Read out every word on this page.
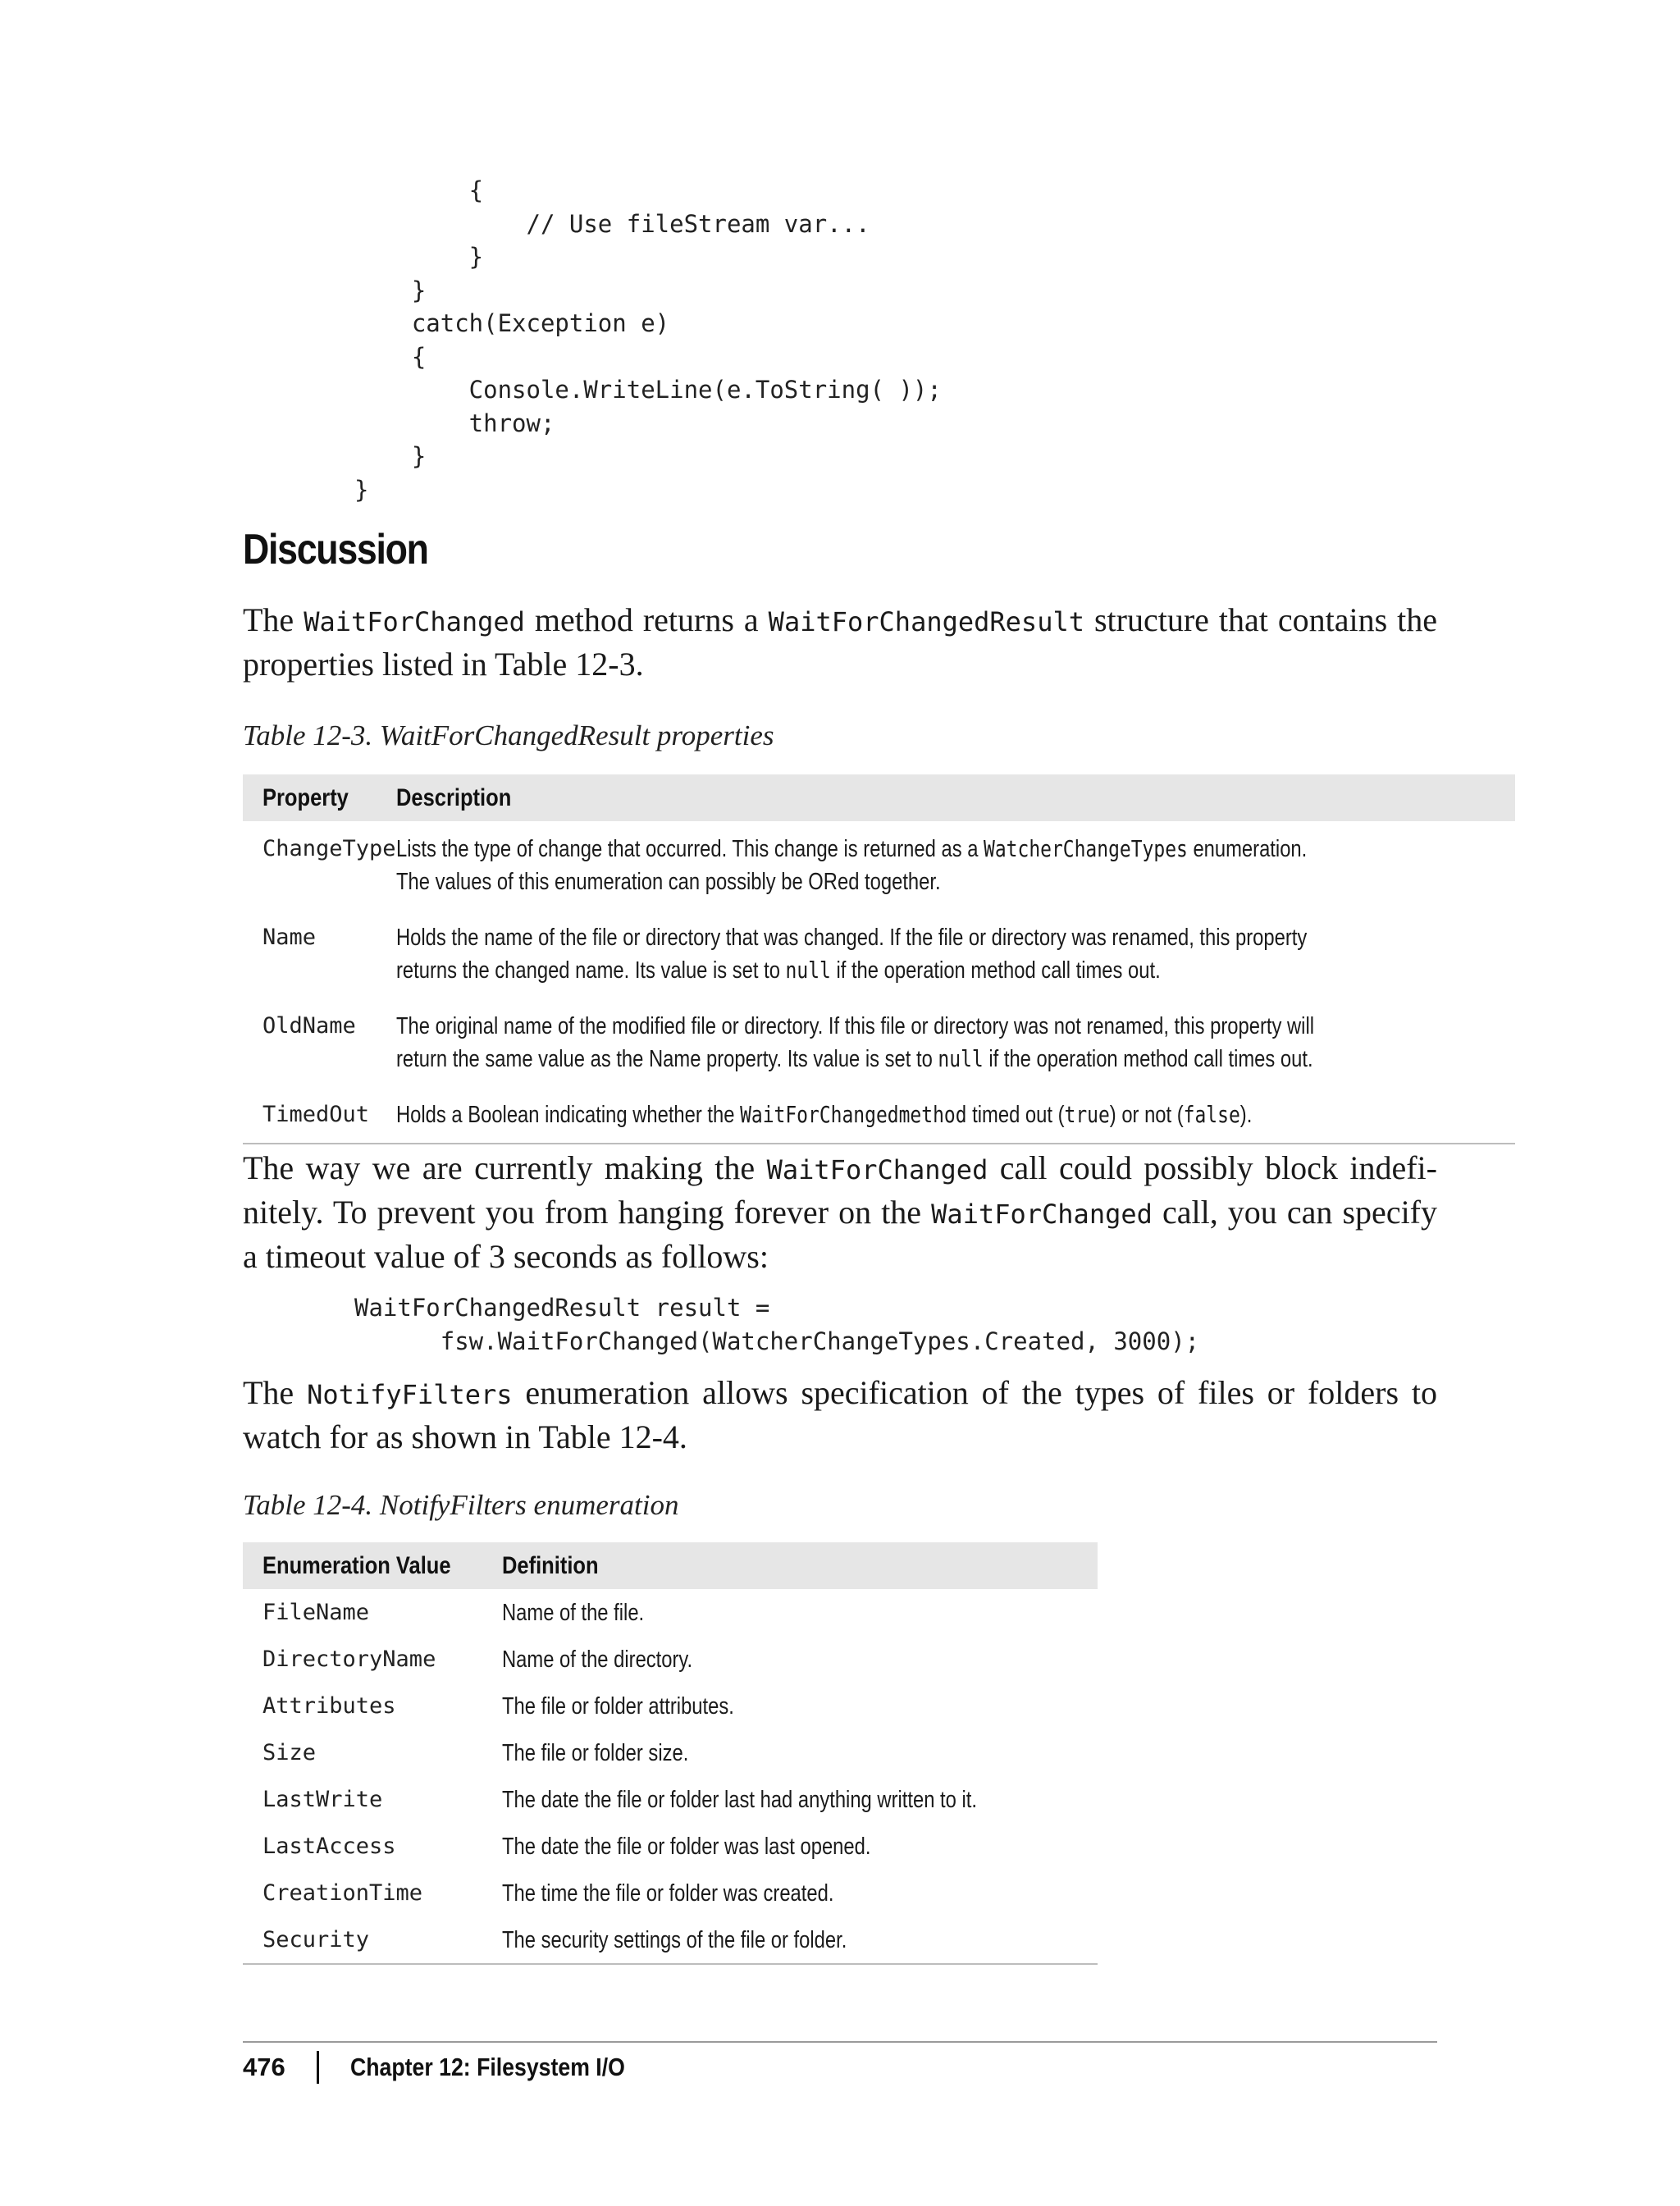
{
// Use fileStream var...
}
}
catch(Exception e)
{
Console.WriteLine(e.ToString( ));
throw;
}
}
Discussion

The WaitForChanged method returns a WaitForChangedResult structure that contains the properties listed in Table 12-3.

Table 12-3. WaitForChangedResult properties

Property	Description
ChangeType	Lists the type of change that occurred. This change is returned as a WatcherChangeTypes enumeration.
The values of this enumeration can possibly be ORed together.
Name	Holds the name of the file or directory that was changed. If the file or directory was renamed, this property
returns the changed name. Its value is set to null if the operation method call times out.
OldName	The original name of the modified file or directory. If this file or directory was not renamed, this property will
return the same value as the Name property. Its value is set to null if the operation method call times out.
TimedOut	Holds a Boolean indicating whether the WaitForChangedmethod timed out (true) or not (false).

The way we are currently making the WaitForChanged call could possibly block indefi-nitely. To prevent you from hanging forever on the WaitForChanged call, you can specify a timeout value of 3 seconds as follows:

WaitForChangedResult result =
fsw.WaitForChanged(WatcherChangeTypes.Created, 3000);

The NotifyFilters enumeration allows specification of the types of files or folders to watch for as shown in Table 12-4.

Table 12-4. NotifyFilters enumeration

Enumeration Value	Definition
FileName	Name of the file.
DirectoryName	Name of the directory.
Attributes	The file or folder attributes.
Size	The file or folder size.
LastWrite	The date the file or folder last had anything written to it.
LastAccess	The date the file or folder was last opened.
CreationTime	The time the file or folder was created.
Security	The security settings of the file or folder.
476	Chapter 12: Filesystem I/O
